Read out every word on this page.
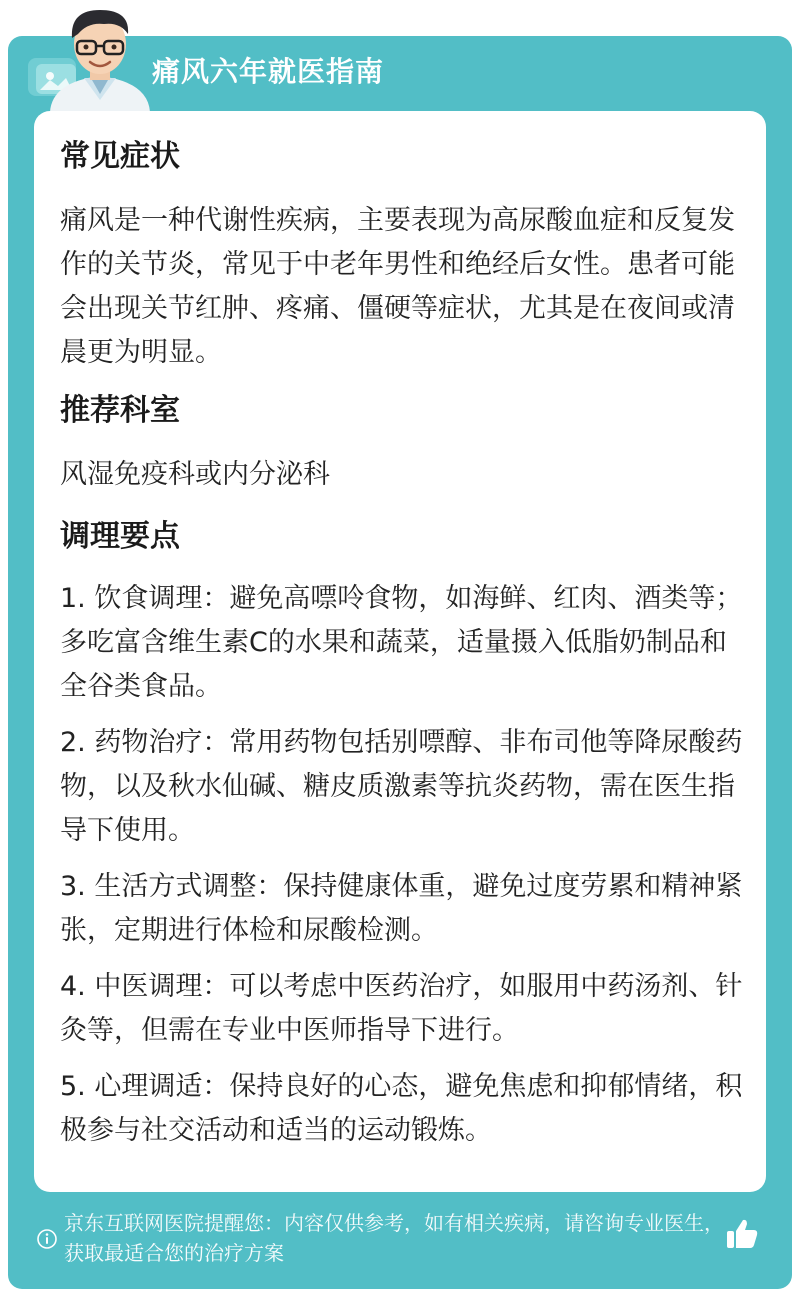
痛风六年就医指南
常见症状

痛风是一种代谢性疾病，主要表现为高尿酸血症和反复发作的关节炎，常见于中老年男性和绝经后女性。患者可能会出现关节红肿、疼痛、僵硬等症状，尤其是在夜间或清晨更为明显。

推荐科室

风湿免疫科或内分泌科

调理要点

1. 饮食调理：避免高嘌呤食物，如海鲜、红肉、酒类等；多吃富含维生素C的水果和蔬菜，适量摄入低脂奶制品和全谷类食品。

2. 药物治疗：常用药物包括别嘌醇、非布司他等降尿酸药物，以及秋水仙碱、糖皮质激素等抗炎药物，需在医生指导下使用。

3. 生活方式调整：保持健康体重，避免过度劳累和精神紧张，定期进行体检和尿酸检测。

4. 中医调理：可以考虑中医药治疗，如服用中药汤剂、针灸等，但需在专业中医师指导下进行。

5. 心理调适：保持良好的心态，避免焦虑和抑郁情绪，积极参与社交活动和适当的运动锻炼。

京东互联网医院提醒您：内容仅供参考，如有相关疾病，请咨询专业医生，获取最适合您的治疗方案
